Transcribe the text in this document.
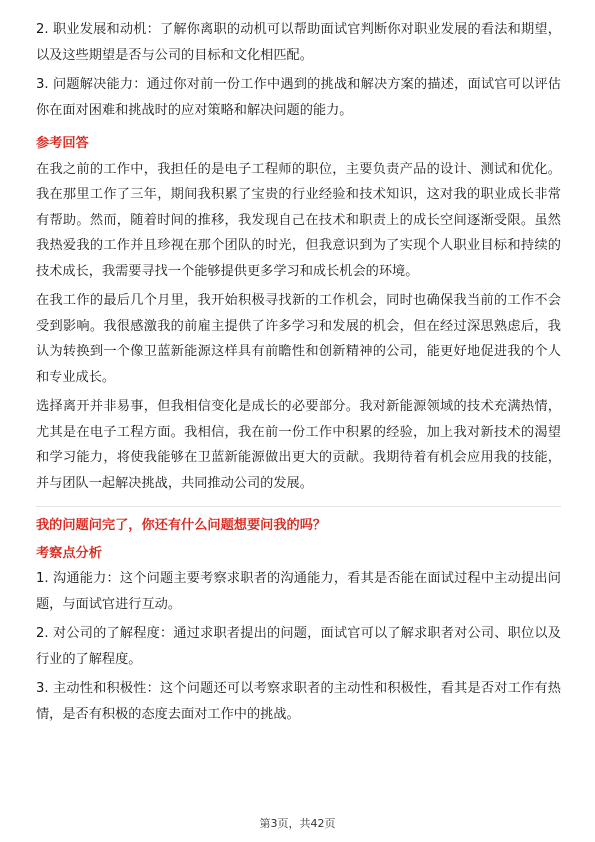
2. 职业发展和动机：了解你离职的动机可以帮助面试官判断你对职业发展的看法和期望，以及这些期望是否与公司的目标和文化相匹配。

3. 问题解决能力：通过你对前一份工作中遇到的挑战和解决方案的描述，面试官可以评估你在面对困难和挑战时的应对策略和解决问题的能力。

参考回答

在我之前的工作中，我担任的是电子工程师的职位，主要负责产品的设计、测试和优化。我在那里工作了三年，期间我积累了宝贵的行业经验和技术知识，这对我的职业成长非常有帮助。然而，随着时间的推移，我发现自己在技术和职责上的成长空间逐渐受限。虽然我热爱我的工作并且珍视在那个团队的时光，但我意识到为了实现个人职业目标和持续的技术成长，我需要寻找一个能够提供更多学习和成长机会的环境。

在我工作的最后几个月里，我开始积极寻找新的工作机会，同时也确保我当前的工作不会受到影响。我很感激我的前雇主提供了许多学习和发展的机会，但在经过深思熟虑后，我认为转换到一个像卫蓝新能源这样具有前瞻性和创新精神的公司，能更好地促进我的个人和专业成长。

选择离开并非易事，但我相信变化是成长的必要部分。我对新能源领域的技术充满热情，尤其是在电子工程方面。我相信，我在前一份工作中积累的经验，加上我对新技术的渴望和学习能力，将使我能够在卫蓝新能源做出更大的贡献。我期待着有机会应用我的技能，并与团队一起解决挑战，共同推动公司的发展。

我的问题问完了，你还有什么问题想要问我的吗？

考察点分析

1. 沟通能力：这个问题主要考察求职者的沟通能力，看其是否能在面试过程中主动提出问题，与面试官进行互动。

2. 对公司的了解程度：通过求职者提出的问题，面试官可以了解求职者对公司、职位以及行业的了解程度。

3. 主动性和积极性：这个问题还可以考察求职者的主动性和积极性，看其是否对工作有热情，是否有积极的态度去面对工作中的挑战。

第3页，共42页
